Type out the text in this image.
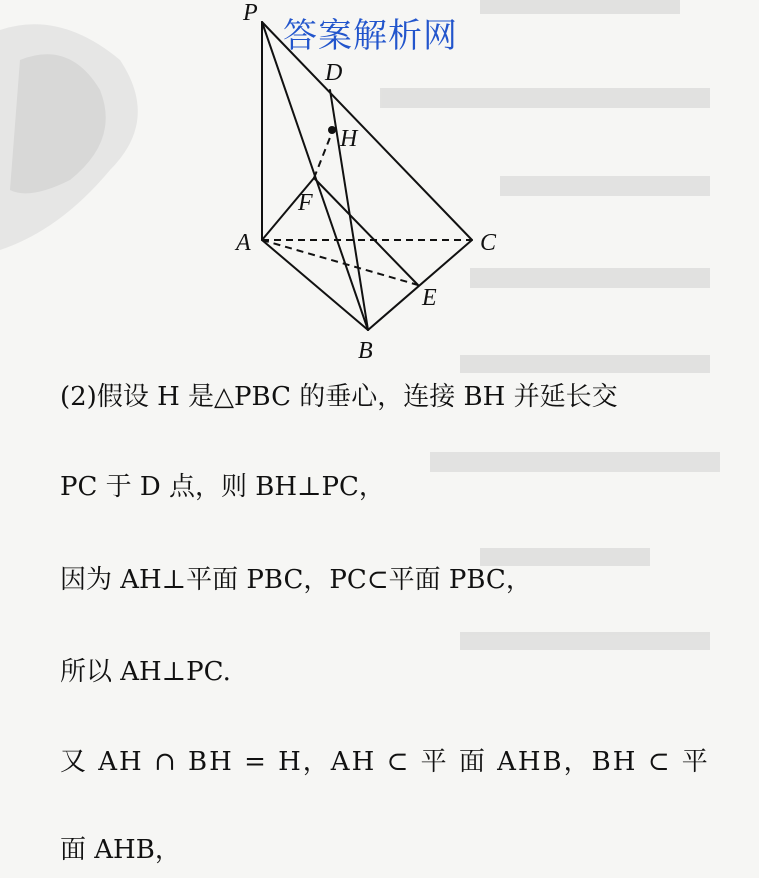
答案解析网
P
D
H
F
A	C
E
B
(2)假设 H 是△PBC 的垂心，连接 BH 并延长交
PC 于 D 点，则 BH⊥PC，
因为 AH⊥平面 PBC，PC⊂平面 PBC，
所以 AH⊥PC.
又 AH ∩ BH = H，AH ⊂ 平 面 AHB，BH ⊂ 平
面 AHB，
